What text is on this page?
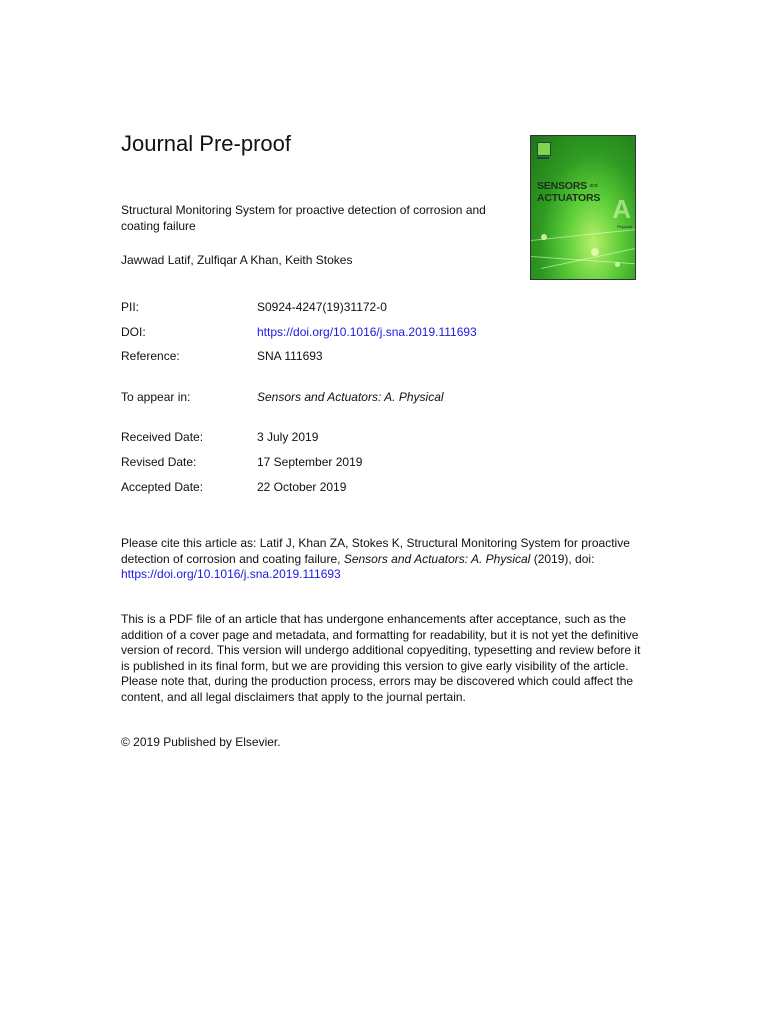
Journal Pre-proof
SENSORS and
ACTUATORS A
Physical
Structural Monitoring System for proactive detection of corrosion and coating failure
Jawwad Latif, Zulfiqar A Khan, Keith Stokes
PII:	S0924-4247(19)31172-0
DOI:	https://doi.org/10.1016/j.sna.2019.111693
Reference:	SNA 111693
To appear in:	Sensors and Actuators: A. Physical
Received Date:	3 July 2019
Revised Date:	17 September 2019
Accepted Date:	22 October 2019
Please cite this article as: Latif J, Khan ZA, Stokes K, Structural Monitoring System for proactive detection of corrosion and coating failure, Sensors and Actuators: A. Physical (2019), doi: https://doi.org/10.1016/j.sna.2019.111693
This is a PDF file of an article that has undergone enhancements after acceptance, such as the addition of a cover page and metadata, and formatting for readability, but it is not yet the definitive version of record. This version will undergo additional copyediting, typesetting and review before it is published in its final form, but we are providing this version to give early visibility of the article. Please note that, during the production process, errors may be discovered which could affect the content, and all legal disclaimers that apply to the journal pertain.
© 2019 Published by Elsevier.
